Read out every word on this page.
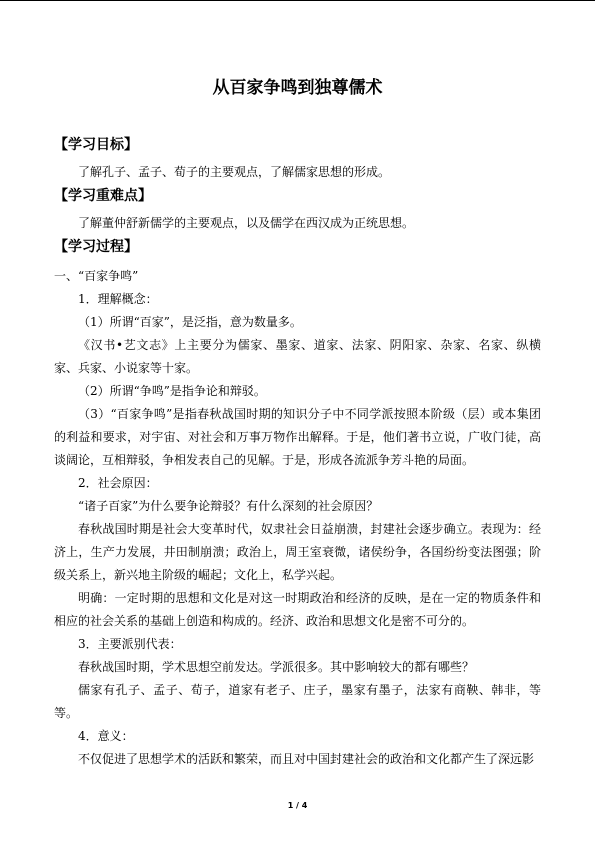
从百家争鸣到独尊儒术
【学习目标】

了解孔子、孟子、荀子的主要观点，了解儒家思想的形成。

【学习重难点】

了解董仲舒新儒学的主要观点，以及儒学在西汉成为正统思想。

【学习过程】

一、“百家争鸣”

1．理解概念：

（1）所谓“百家”，是泛指，意为数量多。

《汉书•艺文志》上主要分为儒家、墨家、道家、法家、阴阳家、杂家、名家、纵横家、兵家、小说家等十家。

（2）所谓“争鸣”是指争论和辩驳。

（3）“百家争鸣”是指春秋战国时期的知识分子中不同学派按照本阶级（层）或本集团的利益和要求，对宇宙、对社会和万事万物作出解释。于是，他们著书立说，广收门徒，高谈阔论，互相辩驳，争相发表自己的见解。于是，形成各流派争芳斗艳的局面。

2．社会原因：

“诸子百家”为什么要争论辩驳？有什么深刻的社会原因？

春秋战国时期是社会大变革时代，奴隶社会日益崩溃，封建社会逐步确立。表现为：经济上，生产力发展，井田制崩溃；政治上，周王室衰微，诸侯纷争，各国纷纷变法图强；阶级关系上，新兴地主阶级的崛起；文化上，私学兴起。

明确：一定时期的思想和文化是对这一时期政治和经济的反映，是在一定的物质条件和相应的社会关系的基础上创造和构成的。经济、政治和思想文化是密不可分的。

3．主要派别代表：

春秋战国时期，学术思想空前发达。学派很多。其中影响较大的都有哪些？

儒家有孔子、孟子、荀子，道家有老子、庄子，墨家有墨子，法家有商鞅、韩非，等等。

4．意义：

不仅促进了思想学术的活跃和繁荣，而且对中国封建社会的政治和文化都产生了深远影

1 / 4
